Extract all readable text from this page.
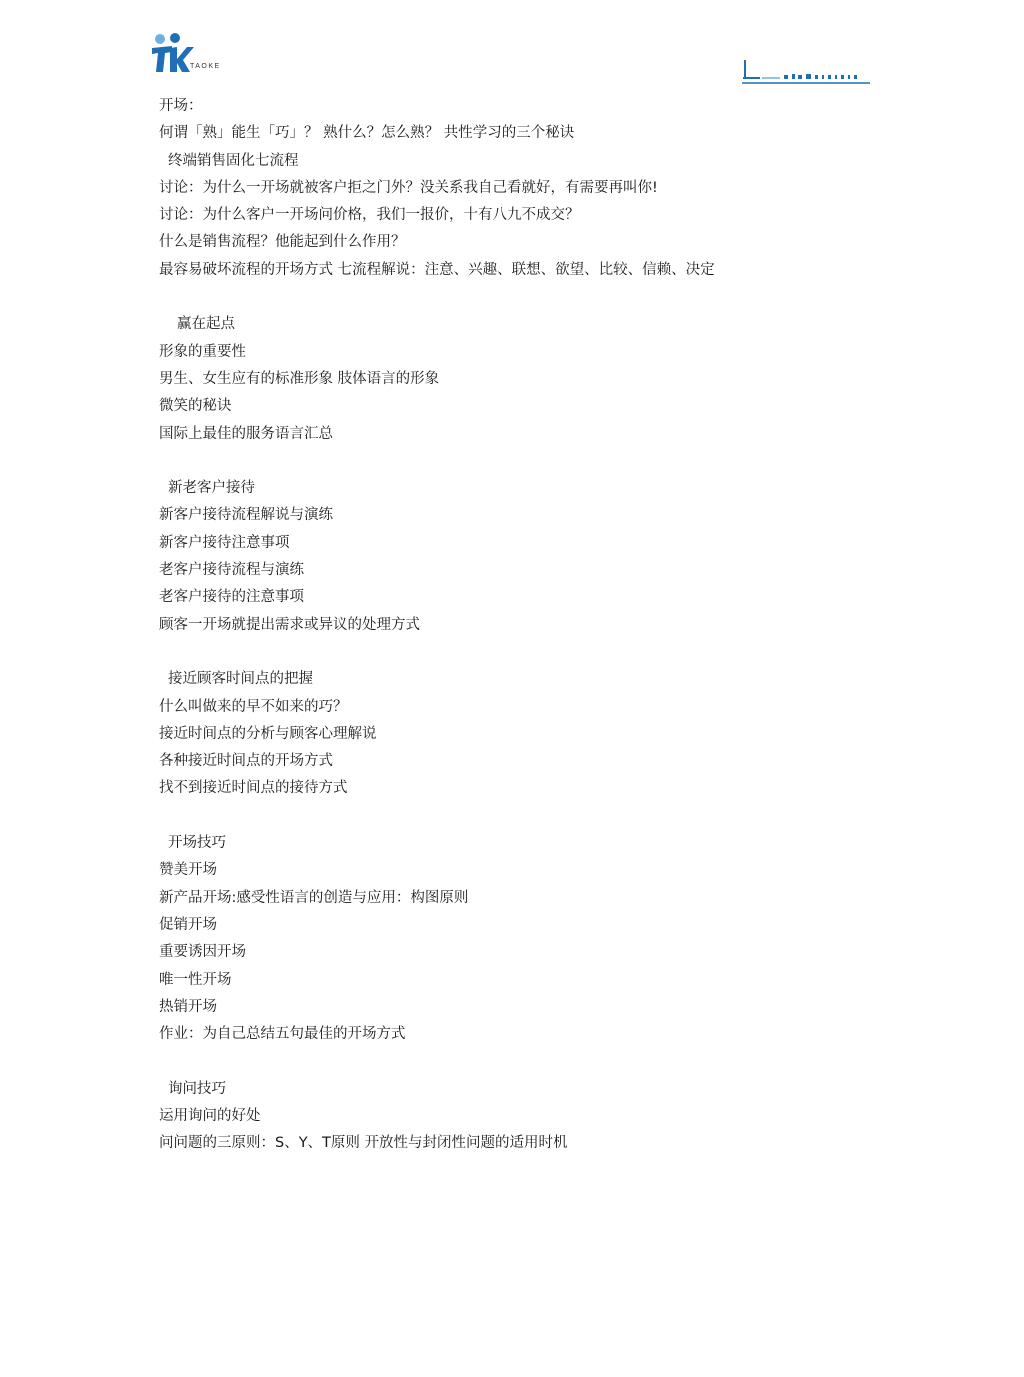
TAOKE
开场：
何谓「熟」能生「巧」？ 熟什么？怎么熟？ 共性学习的三个秘诀
终端销售固化七流程
讨论：为什么一开场就被客户拒之门外？没关系我自己看就好，有需要再叫你!
讨论：为什么客户一开场问价格，我们一报价，十有八九不成交？
什么是销售流程？他能起到什么作用？
最容易破坏流程的开场方式 七流程解说：注意、兴趣、联想、欲望、比较、信赖、决定
赢在起点
形象的重要性
男生、女生应有的标准形象 肢体语言的形象
微笑的秘诀
国际上最佳的服务语言汇总
新老客户接待
新客户接待流程解说与演练
新客户接待注意事项
老客户接待流程与演练
老客户接待的注意事项
顾客一开场就提出需求或异议的处理方式
接近顾客时间点的把握
什么叫做来的早不如来的巧？
接近时间点的分析与顾客心理解说
各种接近时间点的开场方式
找不到接近时间点的接待方式
开场技巧
赞美开场
新产品开场:感受性语言的创造与应用：构图原则
促销开场
重要诱因开场
唯一性开场
热销开场
作业：为自己总结五句最佳的开场方式
询问技巧
运用询问的好处
问问题的三原则：S、Y、T原则 开放性与封闭性问题的适用时机
